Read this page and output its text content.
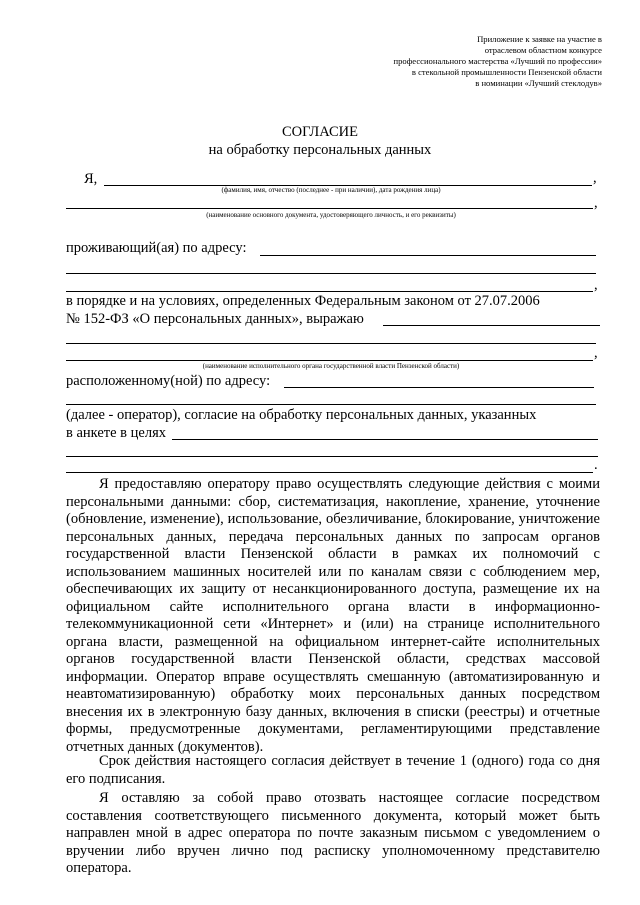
Приложение к заявке на участие в
отраслевом областном конкурсе
профессионального мастерства «Лучший по профессии»
в стекольной промышленности Пензенской области
в номинации «Лучший стеклодув»
СОГЛАСИЕ
на обработку персональных данных
Я,	,
(фамилия, имя, отчество (последнее - при наличии), дата рождения лица)
,
(наименование основного документа, удостоверяющего личность, и его реквизиты)
проживающий(ая) по адресу:
,
в порядке и на условиях, определенных Федеральным законом от 27.07.2006
№ 152-ФЗ «О персональных данных», выражаю
,
(наименование исполнительного органа государственной власти Пензенской области)
расположенному(ной) по адресу:
(далее - оператор), согласие на обработку персональных данных, указанных
в анкете в целях
.

Я предоставляю оператору право осуществлять следующие действия с моими персональными данными: сбор, систематизация, накопление, хранение, уточнение (обновление, изменение), использование, обезличивание, блокирование, уничтожение персональных данных, передача персональных данных по запросам органов государственной власти Пензенской области в рамках их полномочий с использованием машинных носителей или по каналам связи с соблюдением мер, обеспечивающих их защиту от несанкционированного доступа, размещение их на официальном сайте исполнительного органа власти в информационно-телекоммуникационной сети «Интернет» и (или) на странице исполнительного органа власти, размещенной на официальном интернет-сайте исполнительных органов государственной власти Пензенской области, средствах массовой информации. Оператор вправе осуществлять смешанную (автоматизированную и неавтоматизированную) обработку моих персональных данных посредством внесения их в электронную базу данных, включения в списки (реестры) и отчетные формы, предусмотренные документами, регламентирующими представление отчетных данных (документов).

Срок действия настоящего согласия действует в течение 1 (одного) года со дня его подписания.

Я оставляю за собой право отозвать настоящее согласие посредством составления соответствующего письменного документа, который может быть направлен мной в адрес оператора по почте заказным письмом с уведомлением о вручении либо вручен лично под расписку уполномоченному представителю оператора.
